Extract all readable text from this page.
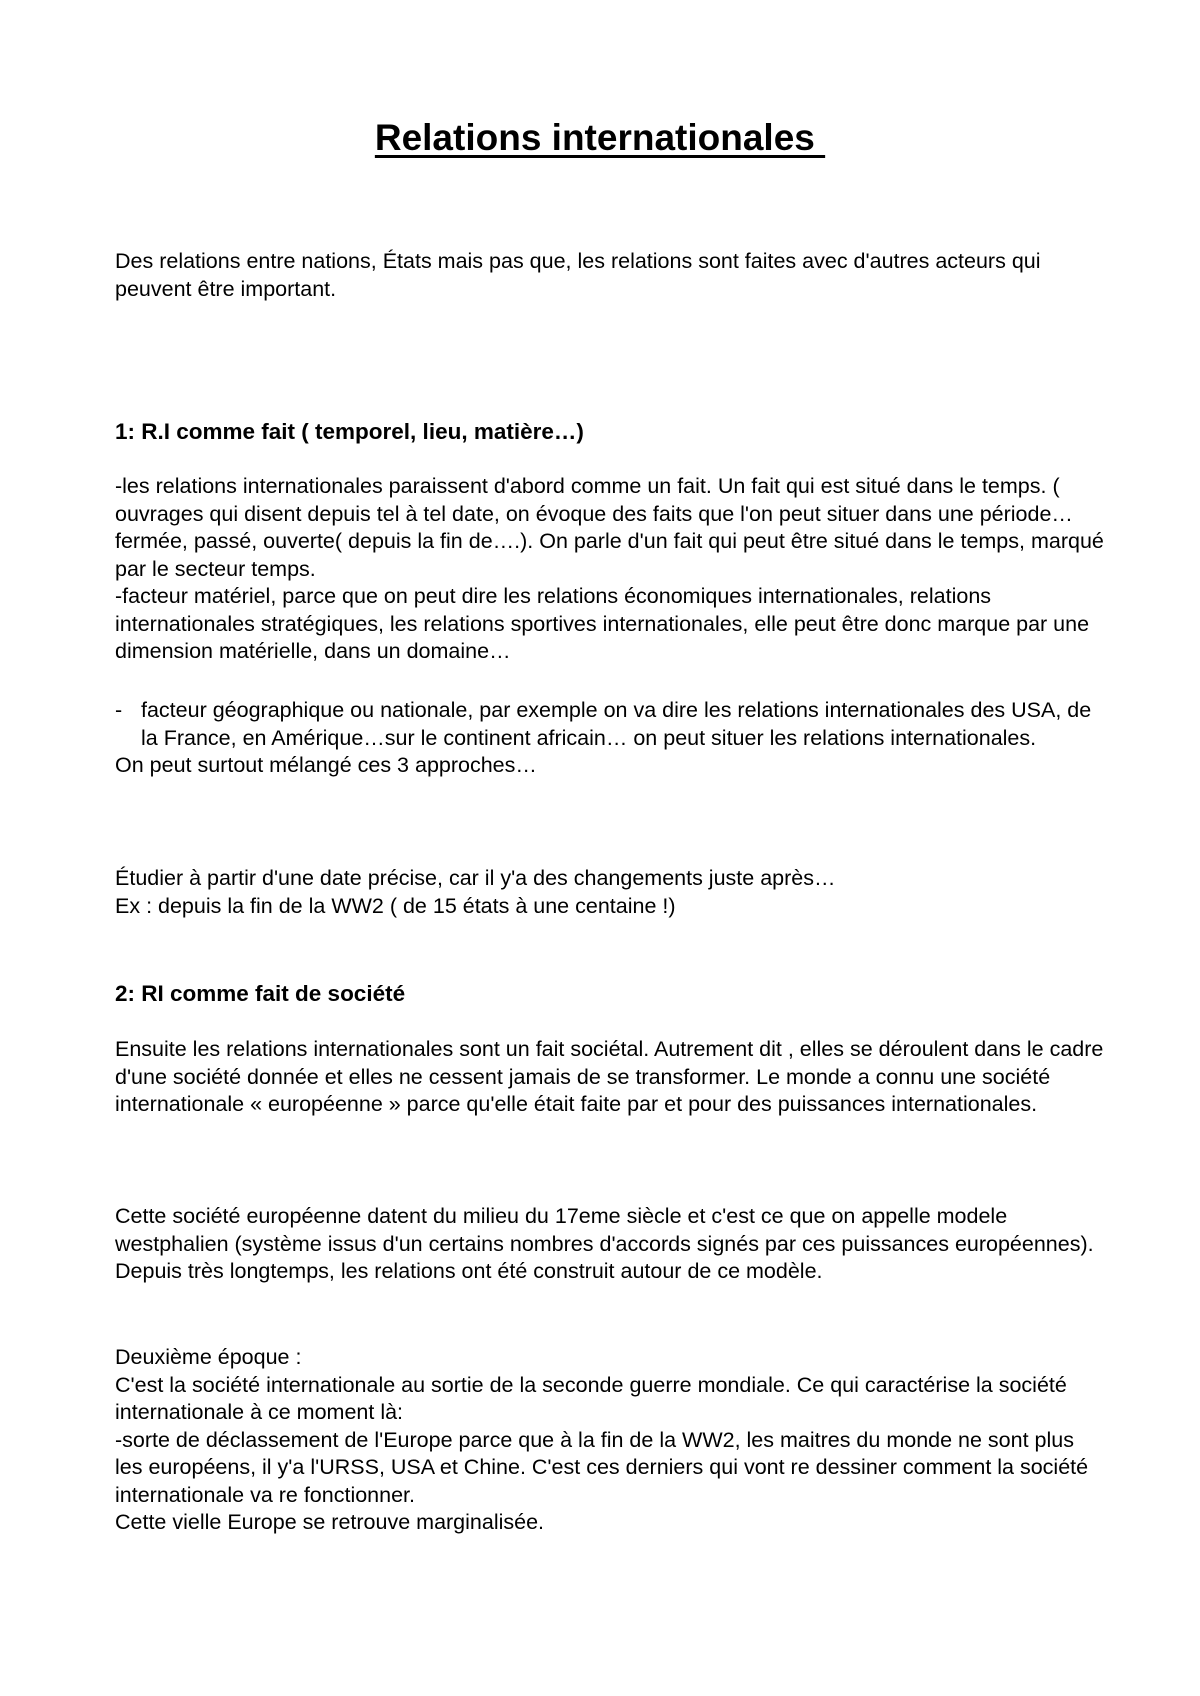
Relations internationales

Des relations entre nations, États mais pas que, les relations sont faites avec d'autres acteurs qui peuvent être important.

1: R.I comme fait ( temporel, lieu, matière…)

-les relations internationales paraissent d'abord comme un fait. Un fait qui est situé dans le temps. ( ouvrages qui disent depuis tel à tel date, on évoque des faits que l'on peut situer dans une période… fermée, passé, ouverte( depuis la fin de….). On parle d'un fait qui peut être situé dans le temps, marqué par le secteur temps.

-facteur matériel, parce que on peut dire les relations économiques internationales, relations internationales stratégiques, les relations sportives internationales, elle peut être donc marque par une dimension matérielle, dans un domaine…

- facteur géographique ou nationale, par exemple on va dire les relations internationales des USA, de la France, en Amérique…sur le continent africain… on peut situer les relations internationales.

On peut surtout mélangé ces 3 approches…

Étudier à partir d'une date précise, car il y'a des changements juste après…

Ex : depuis la fin de la WW2 ( de 15 états à une centaine !)

2: RI comme fait de société

Ensuite les relations internationales sont un fait sociétal. Autrement dit , elles se déroulent dans le cadre d'une société donnée et elles ne cessent jamais de se transformer. Le monde a connu une société internationale « européenne » parce qu'elle était faite par et pour des puissances internationales.

Cette société européenne datent du milieu du 17eme siècle et c'est ce que on appelle modele westphalien (système issus d'un certains nombres d'accords signés par ces puissances européennes).

Depuis très longtemps, les relations ont été construit autour de ce modèle.

Deuxième époque :

C'est la société internationale au sortie de la seconde guerre mondiale. Ce qui caractérise la société internationale à ce moment là:

-sorte de déclassement de l'Europe parce que à la fin de la WW2, les maitres du monde ne sont plus les européens, il y'a l'URSS, USA et Chine. C'est ces derniers qui vont re dessiner comment la société internationale va re fonctionner.

Cette vielle Europe se retrouve marginalisée.
